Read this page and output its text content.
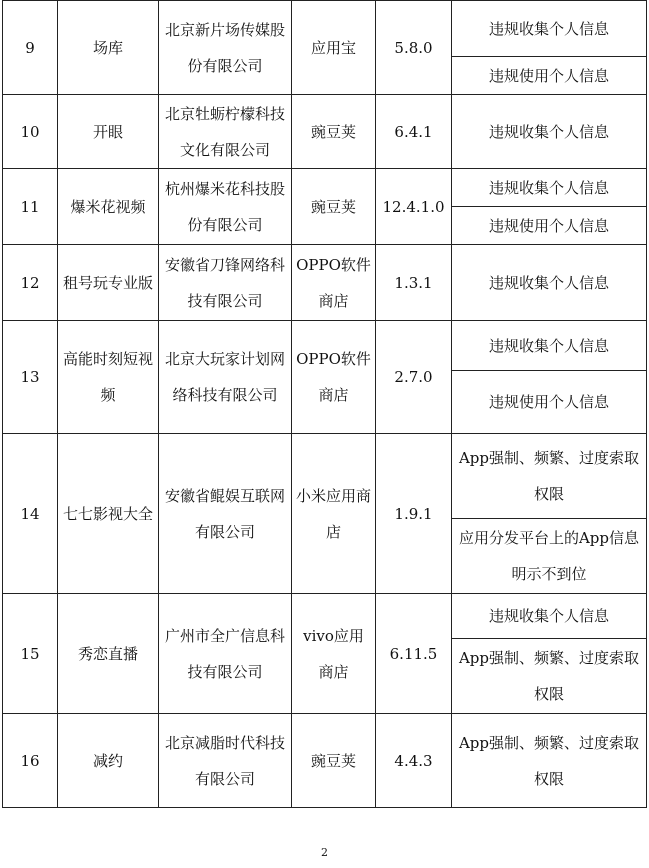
9	场库	北京新片场传媒股份有限公司	应用宝	5.8.0	违规收集个人信息
					违规使用个人信息
10	开眼	北京牡蛎柠檬科技文化有限公司	豌豆荚	6.4.1	违规收集个人信息
11	爆米花视频	杭州爆米花科技股份有限公司	豌豆荚	12.4.1.0	违规收集个人信息
					违规使用个人信息
12	租号玩专业版	安徽省刀锋网络科技有限公司	OPPO软件商店	1.3.1	违规收集个人信息
13	高能时刻短视频	北京大玩家计划网络科技有限公司	OPPO软件商店	2.7.0	违规收集个人信息
					违规使用个人信息
14	七七影视大全	安徽省鲲娱互联网有限公司	小米应用商店	1.9.1	App强制、频繁、过度索取权限
					应用分发平台上的App信息明示不到位
15	秀恋直播	广州市全广信息科技有限公司	vivo应用商店	6.11.5	违规收集个人信息
					App强制、频繁、过度索取权限
16	减约	北京减脂时代科技有限公司	豌豆荚	4.4.3	App强制、频繁、过度索取权限
2
